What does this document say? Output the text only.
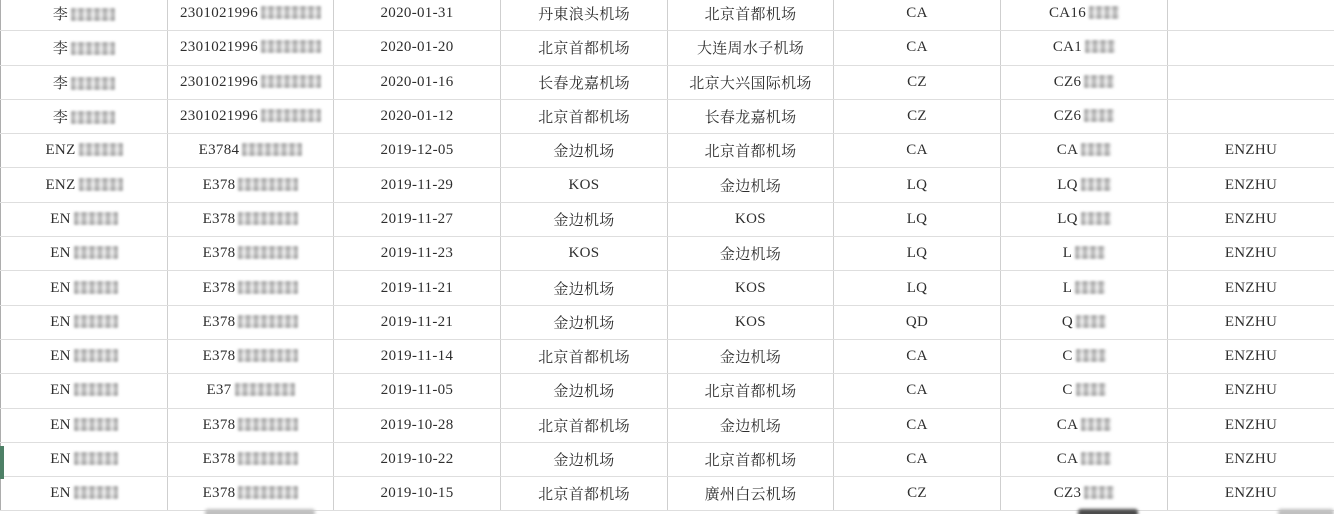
李	2301021996	2020-01-31	丹東浪头机场	北京首都机场	CA	CA16	
李	2301021996	2020-01-20	北京首都机场	大连周水子机场	CA	CA1	
李	2301021996	2020-01-16	长春龙嘉机场	北京大兴国际机场	CZ	CZ6	
李	2301021996	2020-01-12	北京首都机场	长春龙嘉机场	CZ	CZ6	
ENZ	E3784	2019-12-05	金边机场	北京首都机场	CA	CA	ENZHU
ENZ	E378	2019-11-29	KOS	金边机场	LQ	LQ	ENZHU
EN	E378	2019-11-27	金边机场	KOS	LQ	LQ	ENZHU
EN	E378	2019-11-23	KOS	金边机场	LQ	L	ENZHU
EN	E378	2019-11-21	金边机场	KOS	LQ	L	ENZHU
EN	E378	2019-11-21	金边机场	KOS	QD	Q	ENZHU
EN	E378	2019-11-14	北京首都机场	金边机场	CA	C	ENZHU
EN	E37	2019-11-05	金边机场	北京首都机场	CA	C	ENZHU
EN	E378	2019-10-28	北京首都机场	金边机场	CA	CA	ENZHU
EN	E378	2019-10-22	金边机场	北京首都机场	CA	CA	ENZHU
EN	E378	2019-10-15	北京首都机场	廣州白云机场	CZ	CZ3	ENZHU
